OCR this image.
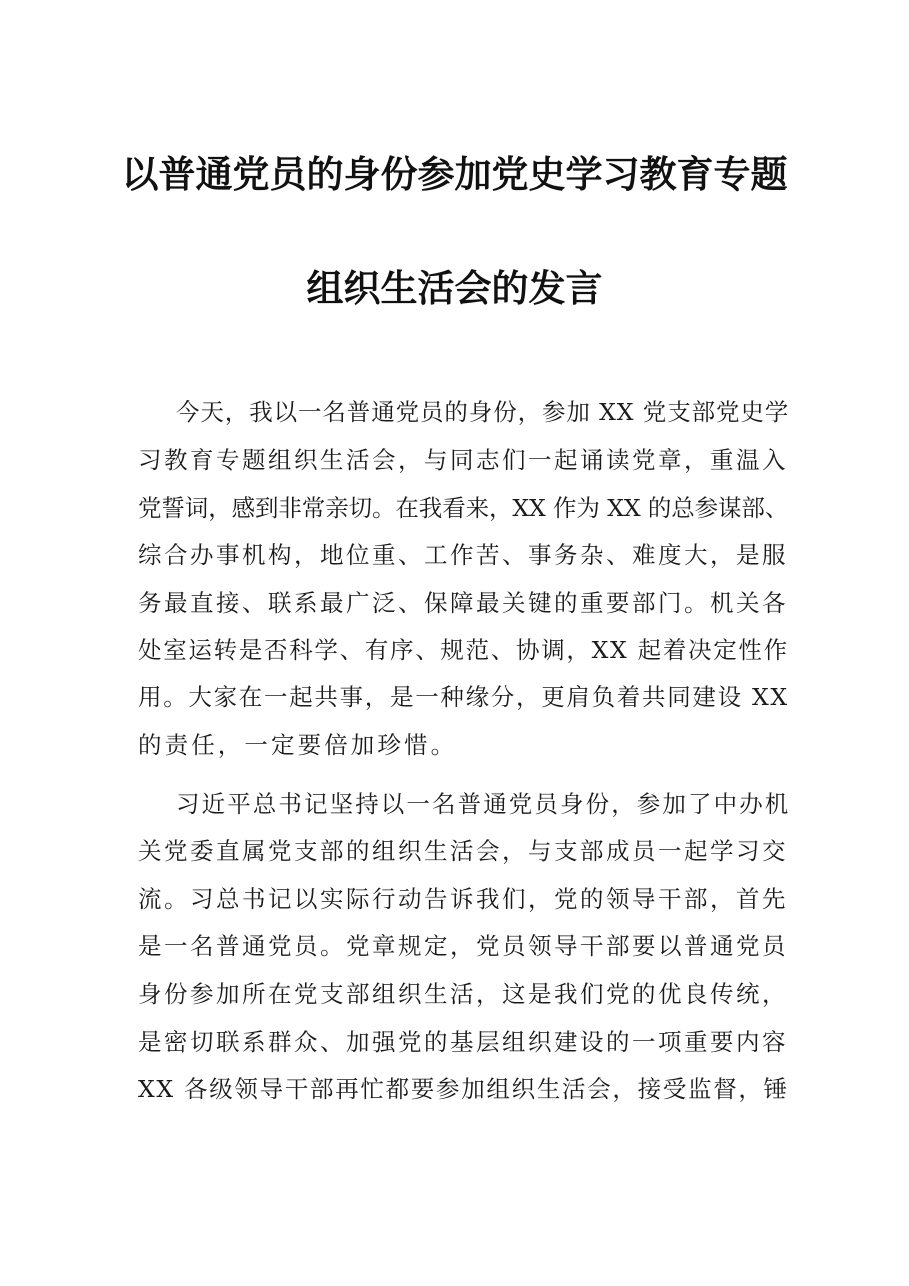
以普通党员的身份参加党史学习教育专题
组织生活会的发言
今天，我以一名普通党员的身份，参加 XX 党支部党史学
习教育专题组织生活会，与同志们一起诵读党章，重温入
党誓词，感到非常亲切。在我看来，XX 作为 XX 的总参谋部、
综合办事机构，地位重、工作苦、事务杂、难度大，是服
务最直接、联系最广泛、保障最关键的重要部门。机关各
处室运转是否科学、有序、规范、协调，XX 起着决定性作
用。大家在一起共事，是一种缘分，更肩负着共同建设 XX
的责任，一定要倍加珍惜。
习近平总书记坚持以一名普通党员身份，参加了中办机
关党委直属党支部的组织生活会，与支部成员一起学习交
流。习总书记以实际行动告诉我们，党的领导干部，首先
是一名普通党员。党章规定，党员领导干部要以普通党员
身份参加所在党支部组织生活，这是我们党的优良传统，
是密切联系群众、加强党的基层组织建设的一项重要内容
XX 各级领导干部再忙都要参加组织生活会，接受监督，锤
